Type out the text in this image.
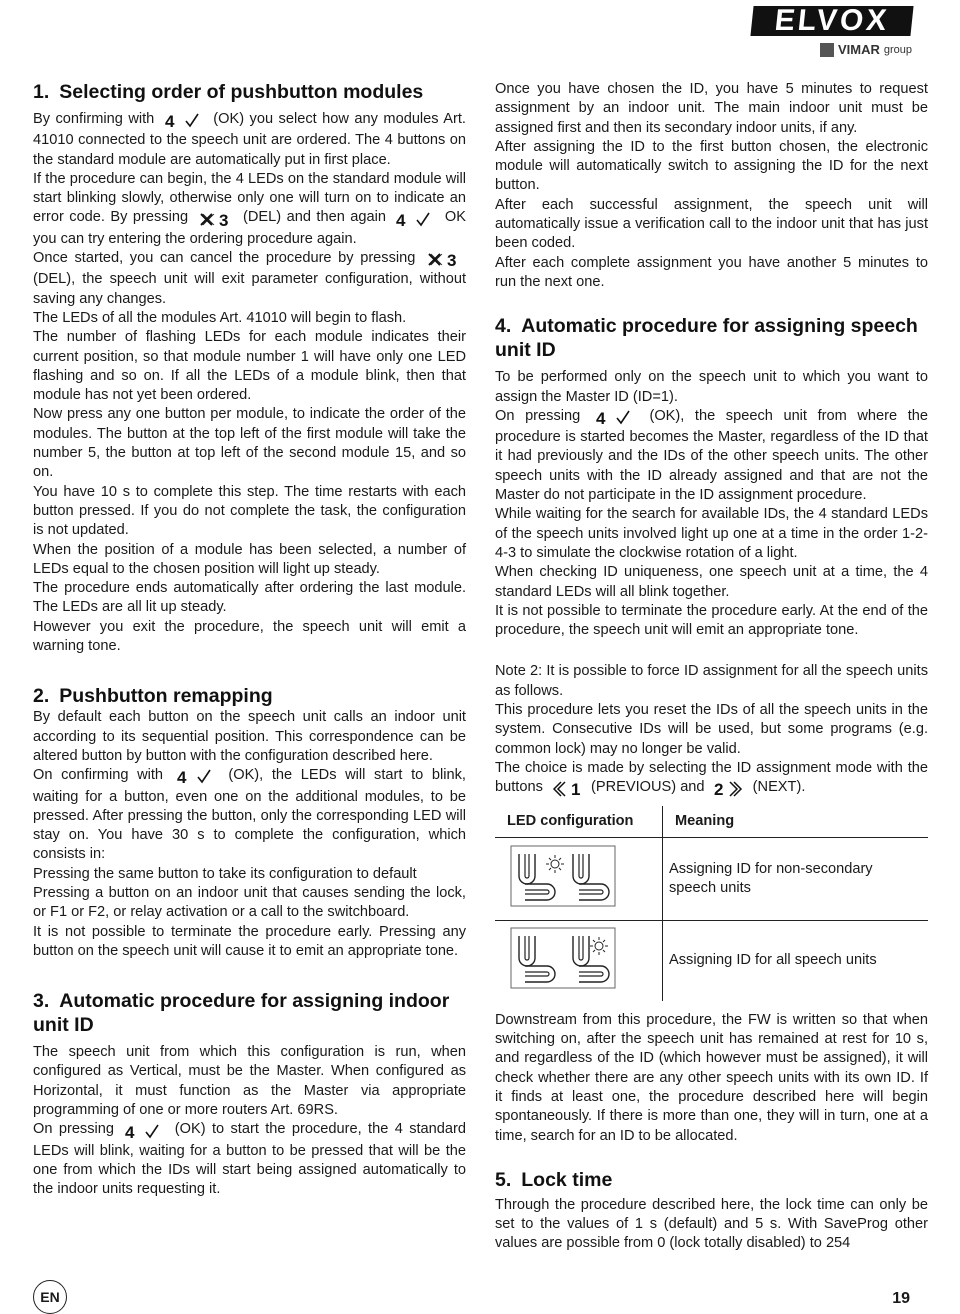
ELVOX
VIMAR group
1. Selecting order of pushbutton modules

By confirming with 4	(OK) you select how any modules Art. 41010 connected to the speech unit are ordered. The 4 buttons on the standard module are automatically put in first place.

If the procedure can begin, the 4 LEDs on the standard module will start blinking slowly, otherwise only one will turn on to indicate an error code. By pressing 3 (DEL) and then again 4	OK you can try entering the ordering procedure again.

Once started, you can cancel the procedure by pressing 3
(DEL), the speech unit will exit parameter configuration, without saving any changes.

The LEDs of all the modules Art. 41010 will begin to flash.

The number of flashing LEDs for each module indicates their current position, so that module number 1 will have only one LED flashing and so on. If all the LEDs of a module blink, then that module has not yet been ordered.

Now press any one button per module, to indicate the order of the modules. The button at the top left of the first module will take the number 5, the button at top left of the second module 15, and so on.

You have 10 s to complete this step. The time restarts with each button pressed. If you do not complete the task, the configuration is not updated.

When the position of a module has been selected, a number of LEDs equal to the chosen position will light up steady.

The procedure ends automatically after ordering the last module. The LEDs are all lit up steady.

However you exit the procedure, the speech unit will emit a warning tone.

2. Pushbutton remapping

By default each button on the speech unit calls an indoor unit according to its sequential position. This correspondence can be altered button by button with the configuration described here.

On confirming with 4	(OK), the LEDs will start to blink, waiting for a button, even one on the additional modules, to be pressed. After pressing the button, only the corresponding LED will stay on. You have 30 s to complete the configuration, which consists in:

Pressing the same button to take its configuration to default

Pressing a button on an indoor unit that causes sending the lock, or F1 or F2, or relay activation or a call to the switchboard.

It is not possible to terminate the procedure early. Pressing any button on the speech unit will cause it to emit an appropriate tone.

3. Automatic procedure for assigning indoor unit ID

The speech unit from which this configuration is run, when configured as Vertical, must be the Master. When configured as Horizontal, it must function as the Master via appropriate programming of one or more routers Art. 69RS.

On pressing 4	(OK) to start the procedure, the 4 standard LEDs will blink, waiting for a button to be pressed that will be the one from which the IDs will start being assigned automatically to the indoor units requesting it.

Once you have chosen the ID, you have 5 minutes to request assignment by an indoor unit. The main indoor unit must be assigned first and then its secondary indoor units, if any.

After assigning the ID to the first button chosen, the electronic module will automatically switch to assigning the ID for the next button.

After each successful assignment, the speech unit will automatically issue a verification call to the indoor unit that has just been coded.

After each complete assignment you have another 5 minutes to run the next one.

4. Automatic procedure for assigning speech unit ID

To be performed only on the speech unit to which you want to assign the Master ID (ID=1).

On pressing 4	(OK), the speech unit from where the procedure is started becomes the Master, regardless of the ID that it had previously and the IDs of the other speech units. The other speech units with the ID already assigned and that are not the Master do not participate in the ID assignment procedure.

While waiting for the search for available IDs, the 4 standard LEDs of the speech units involved light up one at a time in the order 1-2-4-3 to simulate the clockwise rotation of a light.

When checking ID uniqueness, one speech unit at a time, the 4 standard LEDs will all blink together.

It is not possible to terminate the procedure early. At the end of the procedure, the speech unit will emit an appropriate tone.

Note 2: It is possible to force ID assignment for all the speech units as follows.

This procedure lets you reset the IDs of all the speech units in the system. Consecutive IDs will be used, but some programs (e.g. common lock) may no longer be valid.

The choice is made by selecting the ID assignment mode with the buttons 1 (PREVIOUS) and 2 (NEXT).

LED configuration	Meaning
	Assigning ID for non-secondary speech units
	Assigning ID for all speech units

Downstream from this procedure, the FW is written so that when switching on, after the speech unit has remained at rest for 10 s, and regardless of the ID (which however must be assigned), it will check whether there are any other speech units with its own ID. If it finds at least one, the procedure described here will begin spontaneously. If there is more than one, they will in turn, one at a time, search for an ID to be allocated.

5. Lock time

Through the procedure described here, the lock time can only be set to the values of 1 s (default) and 5 s. With SaveProg other values are possible from 0 (lock totally disabled) to 254

EN	19
